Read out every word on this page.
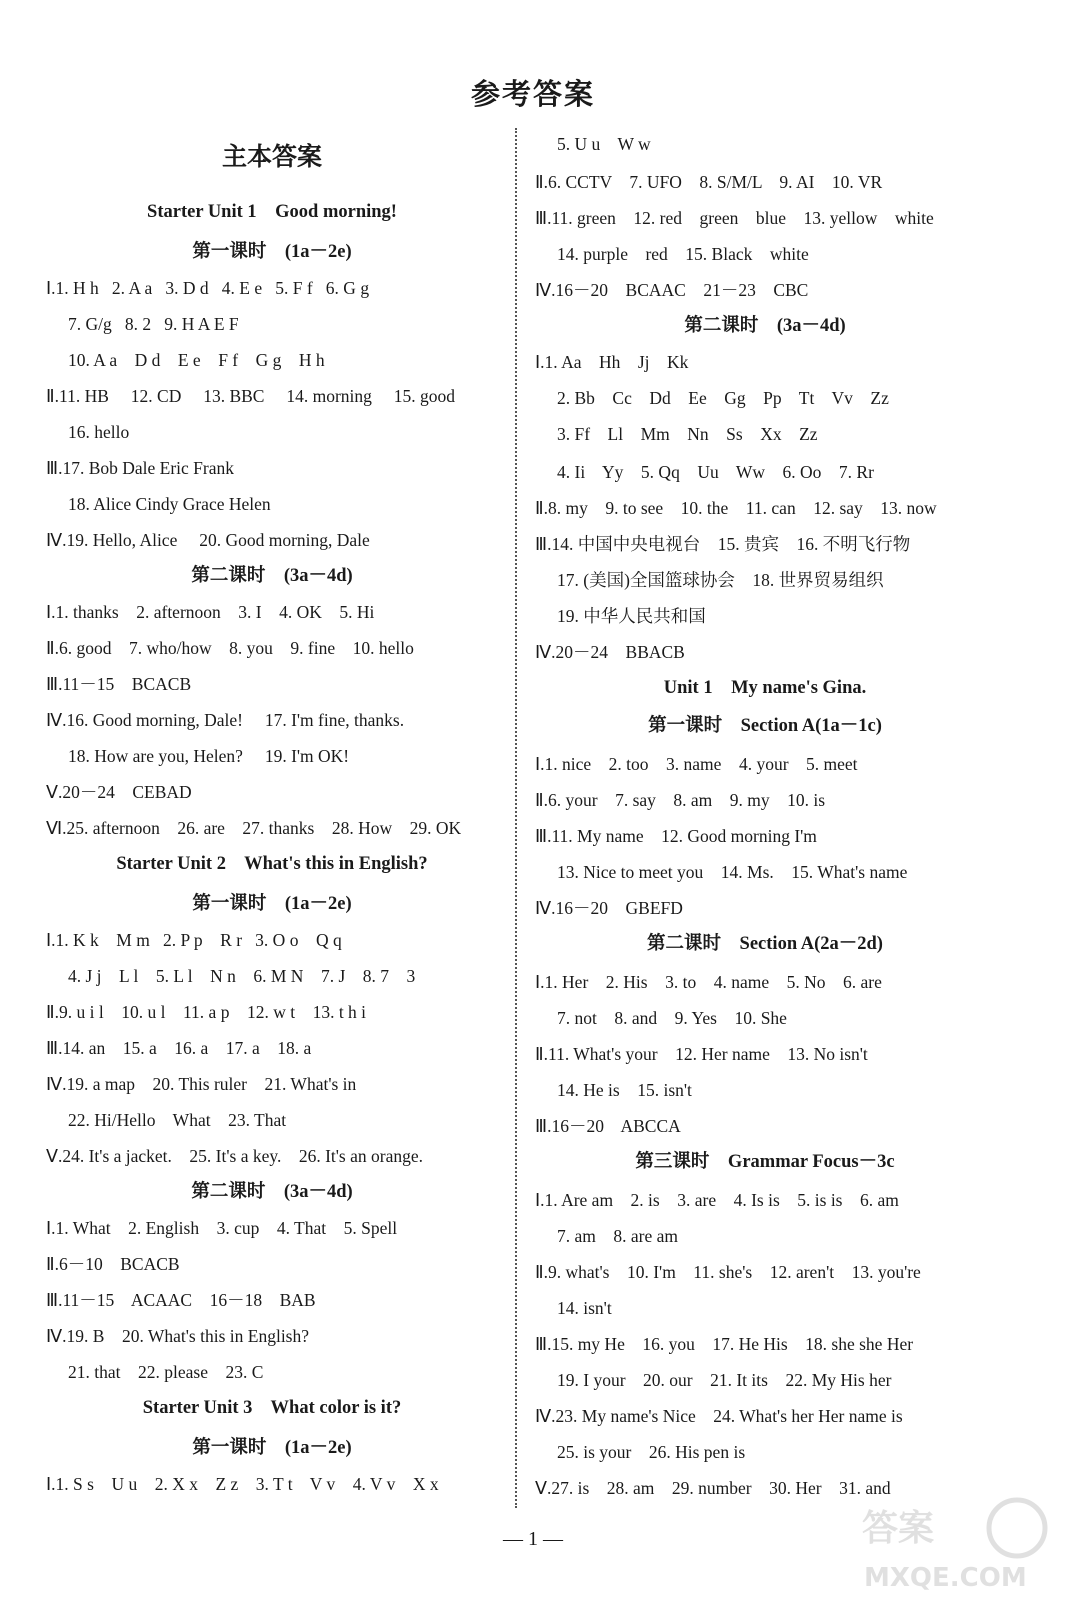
参考答案
主本答案
Starter Unit 1    Good morning!
第一课时    (1a－2e)
Ⅰ.1. H h   2. A a   3. D d   4. E e   5. F f   6. G g
7. G/g   8. 2   9. H A E F
10. A a    D d    E e    F f    G g    H h
Ⅱ.11. HB     12. CD     13. BBC     14. morning     15. good
16. hello
Ⅲ.17. Bob Dale Eric Frank
18. Alice Cindy Grace Helen
Ⅳ.19. Hello, Alice     20. Good morning, Dale
第二课时    (3a－4d)
Ⅰ.1. thanks    2. afternoon    3. I    4. OK    5. Hi
Ⅱ.6. good    7. who/how    8. you    9. fine    10. hello
Ⅲ.11－15    BCACB
Ⅳ.16. Good morning, Dale!     17. I'm fine, thanks.
18. How are you, Helen?     19. I'm OK!
Ⅴ.20－24    CEBAD
Ⅵ.25. afternoon    26. are    27. thanks    28. How    29. OK
Starter Unit 2    What's this in English?
第一课时    (1a－2e)
Ⅰ.1. K k    M m   2. P p    R r   3. O o    Q q
4. J j    L l    5. L l    N n    6. M N    7. J    8. 7    3
Ⅱ.9. u i l    10. u l    11. a p    12. w t    13. t h i
Ⅲ.14. an    15. a    16. a    17. a    18. a
Ⅳ.19. a map    20. This ruler    21. What's in
22. Hi/Hello    What    23. That
Ⅴ.24. It's a jacket.    25. It's a key.    26. It's an orange.
第二课时    (3a－4d)
Ⅰ.1. What    2. English    3. cup    4. That    5. Spell
Ⅱ.6－10    BCACB
Ⅲ.11－15    ACAAC    16－18    BAB
Ⅳ.19. B    20. What's this in English?
21. that    22. please    23. C
Starter Unit 3    What color is it?
第一课时    (1a－2e)
Ⅰ.1. S s    U u    2. X x    Z z    3. T t    V v    4. V v    X x
5. U u    W w
Ⅱ.6. CCTV    7. UFO    8. S/M/L    9. AI    10. VR
Ⅲ.11. green    12. red    green    blue    13. yellow    white
14. purple    red    15. Black    white
Ⅳ.16－20    BCAAC    21－23    CBC
第二课时    (3a－4d)
Ⅰ.1. Aa    Hh    Jj    Kk
2. Bb    Cc    Dd    Ee    Gg    Pp    Tt    Vv    Zz
3. Ff    Ll    Mm    Nn    Ss    Xx    Zz
4. Ii    Yy    5. Qq    Uu    Ww    6. Oo    7. Rr
Ⅱ.8. my    9. to see    10. the    11. can    12. say    13. now
Ⅲ.14. 中国中央电视台    15. 贵宾    16. 不明飞行物
17. (美国)全国篮球协会    18. 世界贸易组织
19. 中华人民共和国
Ⅳ.20－24    BBACB
Unit 1    My name's Gina.
第一课时    Section A(1a－1c)
Ⅰ.1. nice    2. too    3. name    4. your    5. meet
Ⅱ.6. your    7. say    8. am    9. my    10. is
Ⅲ.11. My name    12. Good morning I'm
13. Nice to meet you    14. Ms.    15. What's name
Ⅳ.16－20    GBEFD
第二课时    Section A(2a－2d)
Ⅰ.1. Her    2. His    3. to    4. name    5. No    6. are
7. not    8. and    9. Yes    10. She
Ⅱ.11. What's your    12. Her name    13. No isn't
14. He is    15. isn't
Ⅲ.16－20    ABCCA
第三课时    Grammar Focus－3c
Ⅰ.1. Are am    2. is    3. are    4. Is is    5. is is    6. am
7. am    8. are am
Ⅱ.9. what's    10. I'm    11. she's    12. aren't    13. you're
14. isn't
Ⅲ.15. my He    16. you    17. He His    18. she she Her
19. I your    20. our    21. It its    22. My His her
Ⅳ.23. My name's Nice    24. What's her Her name is
25. is your    26. His pen is
Ⅴ.27. is    28. am    29. number    30. Her    31. and
— 1 —	答案
MXQE.COM
